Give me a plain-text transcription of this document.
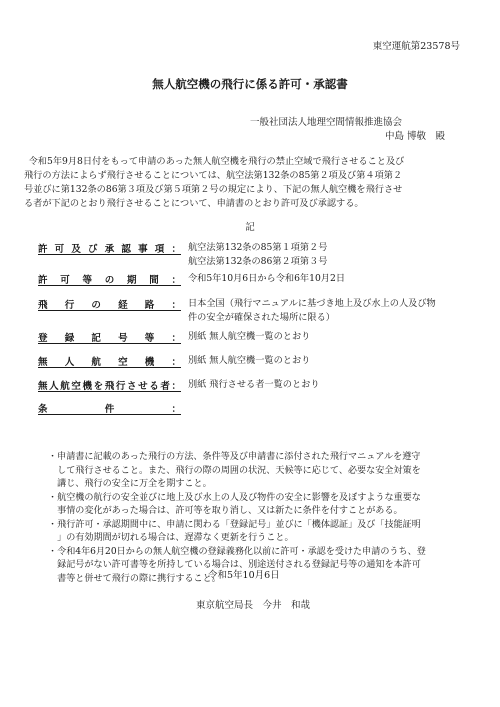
東空運航第23578号
無人航空機の飛行に係る許可・承認書
一般社団法人地理空間情報推進協会
中島 博敬　殿
令和5年9月8日付をもって申請のあった無人航空機を飛行の禁止空域で飛行させること及び
飛行の方法によらず飛行させることについては、航空法第132条の85第２項及び第４項第２
号並びに第132条の86第３項及び第５項第２号の規定により、下記の無人航空機を飛行させ
る者が下記のとおり飛行させることについて、申請書のとおり許可及び承認する。
記
許可及び承認事項： 航空法第132条の85第１項第２号
航空法第132条の86第２項第３号
許可等の期間： 令和5年10月6日から令和6年10月2日
飛行の経路： 日本全国（飛行マニュアルに基づき地上及び水上の人及び物
件の安全が確保された場所に限る）
登録記号等： 別紙 無人航空機一覧のとおり
無人航空機： 別紙 無人航空機一覧のとおり
無人航空機を飛行させる者： 別紙 飛行させる者一覧のとおり
条件：
・申請書に記載のあった飛行の方法、条件等及び申請書に添付された飛行マニュアルを遵守
　して飛行させること。また、飛行の際の周囲の状況、天候等に応じて、必要な安全対策を
　講じ、飛行の安全に万全を期すこと。
・航空機の航行の安全並びに地上及び水上の人及び物件の安全に影響を及ぼすような重要な
　事情の変化があった場合は、許可等を取り消し、又は新たに条件を付すことがある。
・飛行許可・承認期間中に、申請に関わる「登録記号」並びに「機体認証」及び「技能証明
　」の有効期間が切れる場合は、遅滞なく更新を行うこと。
・令和4年6月20日からの無人航空機の登録義務化以前に許可・承認を受けた申請のうち、登
　録記号がない許可書等を所持している場合は、別途送付される登録記号等の通知を本許可
　書等と併せて飛行の際に携行すること。
令和5年10月6日
東京航空局長　今井　和哉
